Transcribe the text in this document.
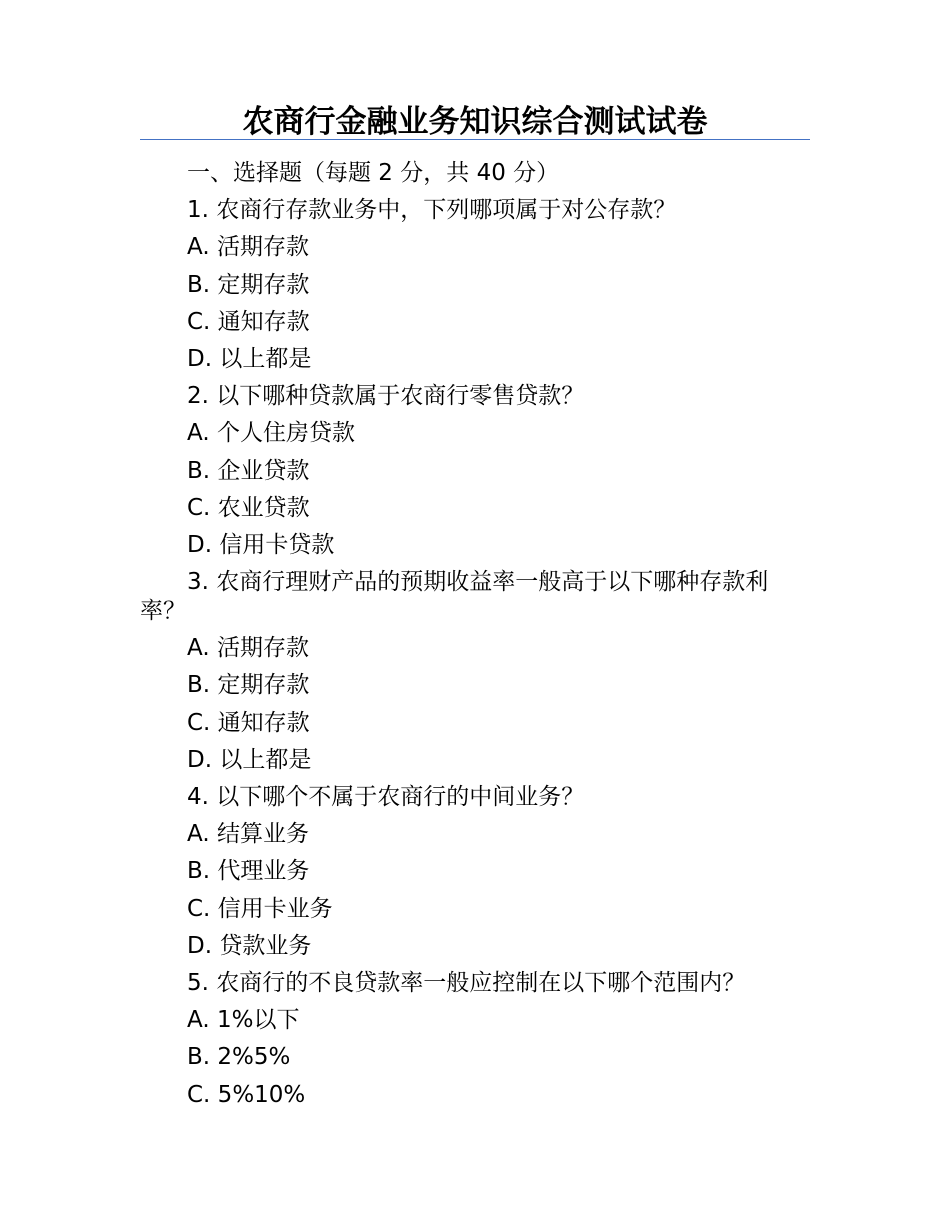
农商行金融业务知识综合测试试卷

一、选择题（每题 2 分，共 40 分）

1. 农商行存款业务中，下列哪项属于对公存款？

A. 活期存款

B. 定期存款

C. 通知存款

D. 以上都是

2. 以下哪种贷款属于农商行零售贷款？

A. 个人住房贷款

B. 企业贷款

C. 农业贷款

D. 信用卡贷款

3. 农商行理财产品的预期收益率一般高于以下哪种存款利率？

A. 活期存款

B. 定期存款

C. 通知存款

D. 以上都是

4. 以下哪个不属于农商行的中间业务？

A. 结算业务

B. 代理业务

C. 信用卡业务

D. 贷款业务

5. 农商行的不良贷款率一般应控制在以下哪个范围内？

A. 1%以下

B. 2%5%

C. 5%10%
